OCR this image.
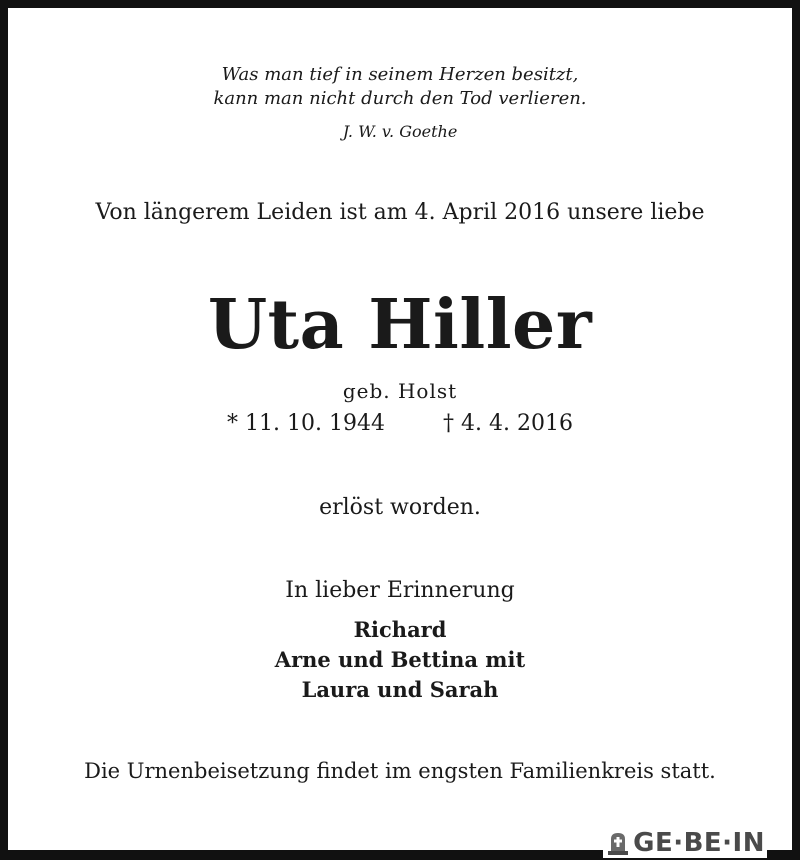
Was man tief in seinem Herzen besitzt,
kann man nicht durch den Tod verlieren.
J. W. v. Goethe
Von längerem Leiden ist am 4. April 2016 unsere liebe
Uta Hiller
geb. Holst
* 11. 10. 1944	† 4. 4. 2016
erlöst worden.
In lieber Erinnerung
Richard
Arne und Bettina mit
Laura und Sarah
Die Urnenbeisetzung findet im engsten Familienkreis statt.
GE·BE·IN
